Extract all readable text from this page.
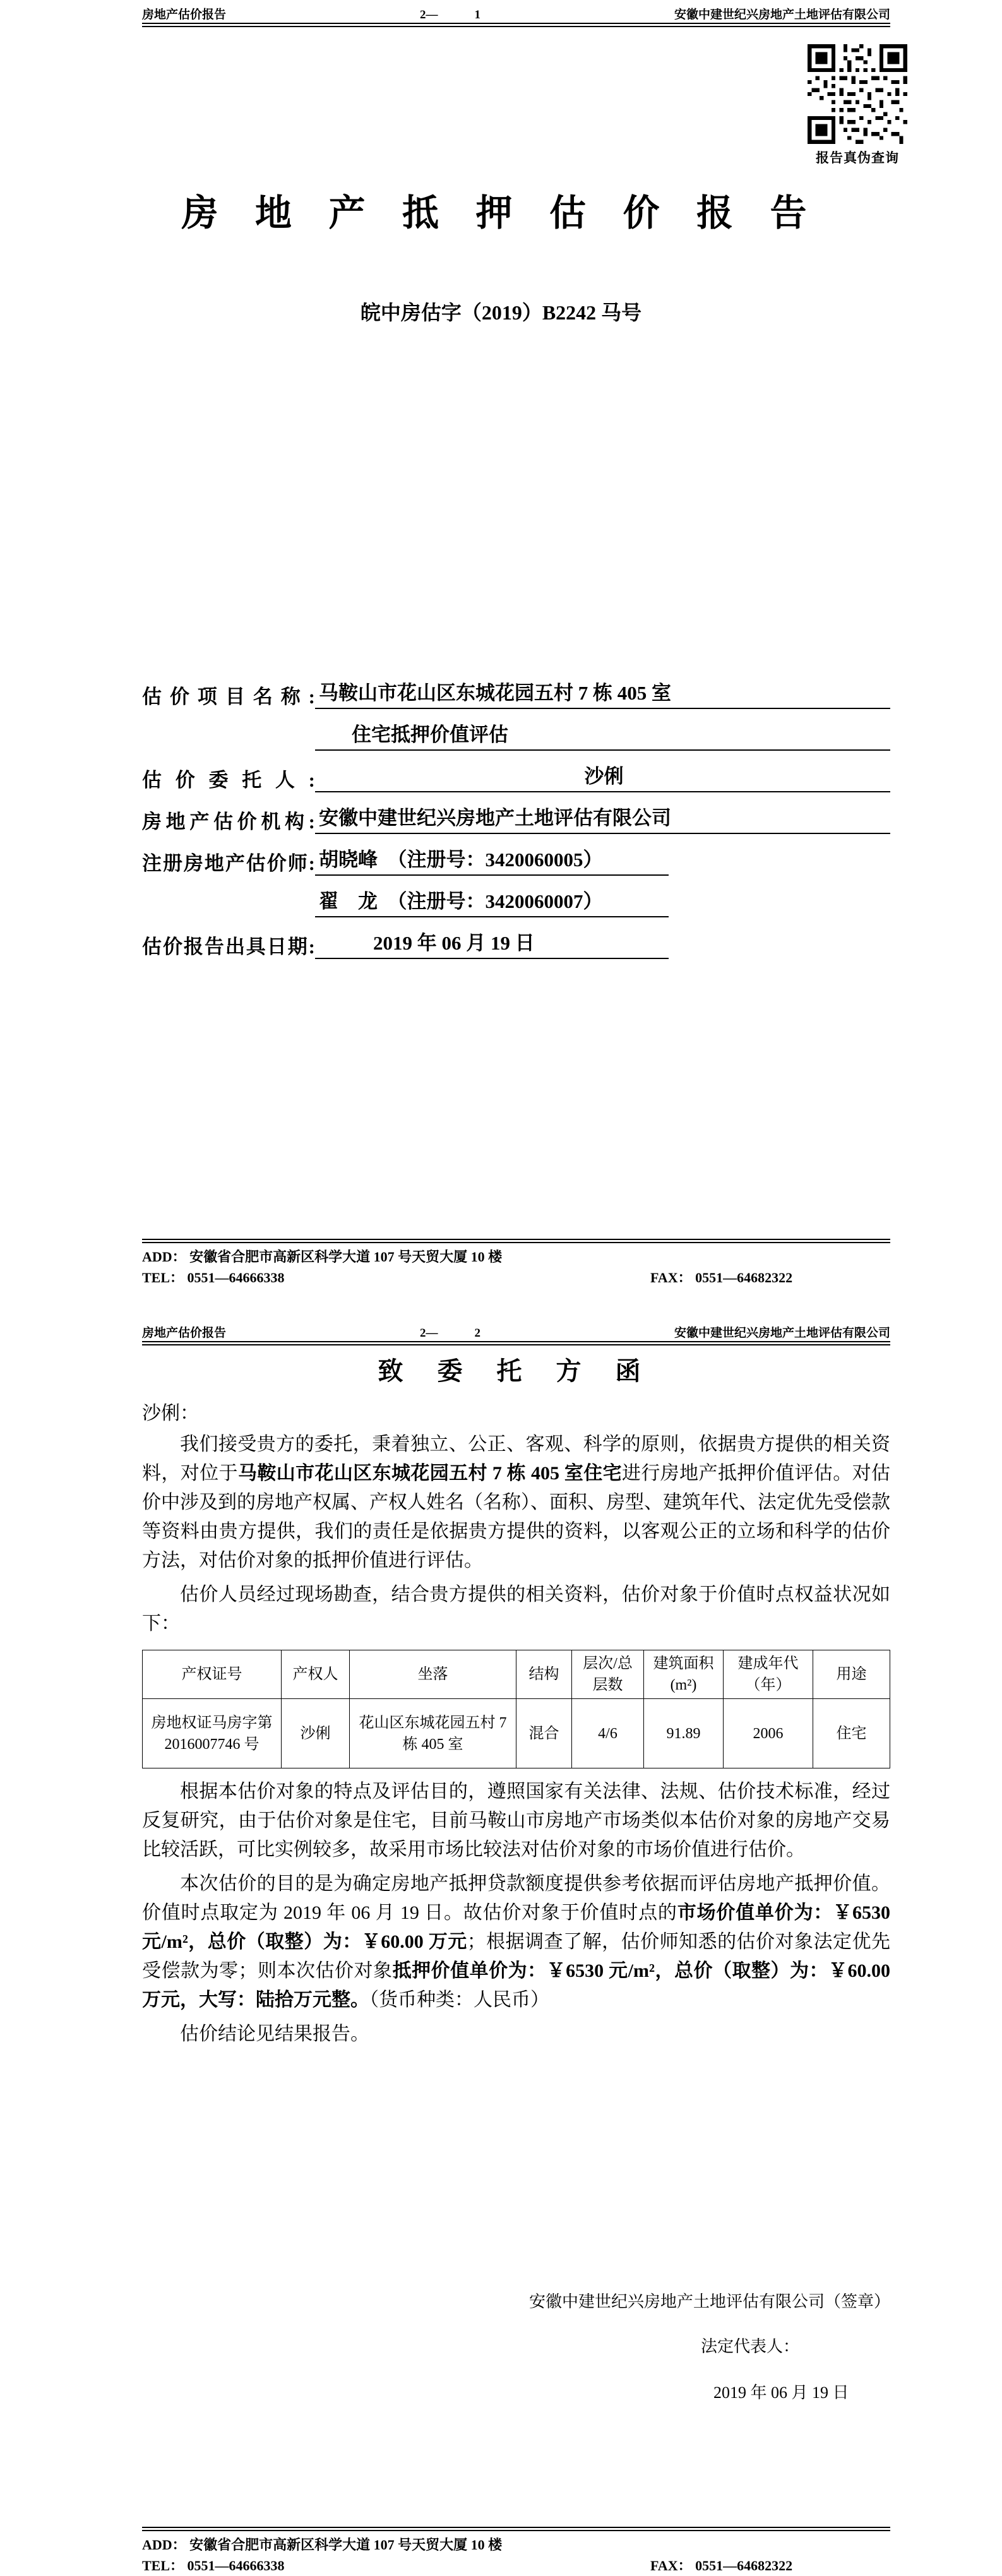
房地产估价报告	2—	1	安徽中建世纪兴房地产土地评估有限公司
报告真伪查询
房 地 产 抵 押 估 价 报 告
皖中房估字（2019）B2242 马号
估价项目名称: 马鞍山市花山区东城花园五村 7 栋 405 室
住宅抵押价值评估
估价委托人:	沙俐
房地产估价机构: 安徽中建世纪兴房地产土地评估有限公司
注册房地产估价师: 胡晓峰　（注册号：3420060005）
翟　龙　（注册号：3420060007）
估价报告出具日期:	2019 年 06 月 19 日
ADD： 安徽省合肥市高新区科学大道 107 号天贸大厦 10 楼
TEL： 0551—64666338	FAX： 0551—64682322
房地产估价报告	2—	2	安徽中建世纪兴房地产土地评估有限公司
致 委 托 方 函
沙俐：

我们接受贵方的委托，秉着独立、公正、客观、科学的原则，依据贵方提供的相关资料，对位于马鞍山市花山区东城花园五村 7 栋 405 室住宅进行房地产抵押价值评估。对估价中涉及到的房地产权属、产权人姓名（名称）、面积、房型、建筑年代、法定优先受偿款等资料由贵方提供，我们的责任是依据贵方提供的资料，以客观公正的立场和科学的估价方法，对估价对象的抵押价值进行评估。

估价人员经过现场勘查，结合贵方提供的相关资料，估价对象于价值时点权益状况如下：

产权证号	产权人	坐落	结构	层次/总层数	建筑面积(m²)	建成年代（年）	用途
房地权证马房字第2016007746 号	沙俐	花山区东城花园五村 7 栋 405 室	混合	4/6	91.89	2006	住宅

根据本估价对象的特点及评估目的，遵照国家有关法律、法规、估价技术标准，经过反复研究，由于估价对象是住宅，目前马鞍山市房地产市场类似本估价对象的房地产交易比较活跃，可比实例较多，故采用市场比较法对估价对象的市场价值进行估价。

本次估价的目的是为确定房地产抵押贷款额度提供参考依据而评估房地产抵押价值。价值时点取定为 2019 年 06 月 19 日。故估价对象于价值时点的市场价值单价为：￥6530 元/m²，总价（取整）为：￥60.00 万元；根据调查了解，估价师知悉的估价对象法定优先受偿款为零；则本次估价对象抵押价值单价为：￥6530 元/m²，总价（取整）为：￥60.00 万元，大写：陆拾万元整。（货币种类：人民币）

估价结论见结果报告。

安徽中建世纪兴房地产土地评估有限公司（签章）
法定代表人：
2019 年 06 月 19 日
ADD： 安徽省合肥市高新区科学大道 107 号天贸大厦 10 楼
TEL： 0551—64666338	FAX： 0551—64682322
